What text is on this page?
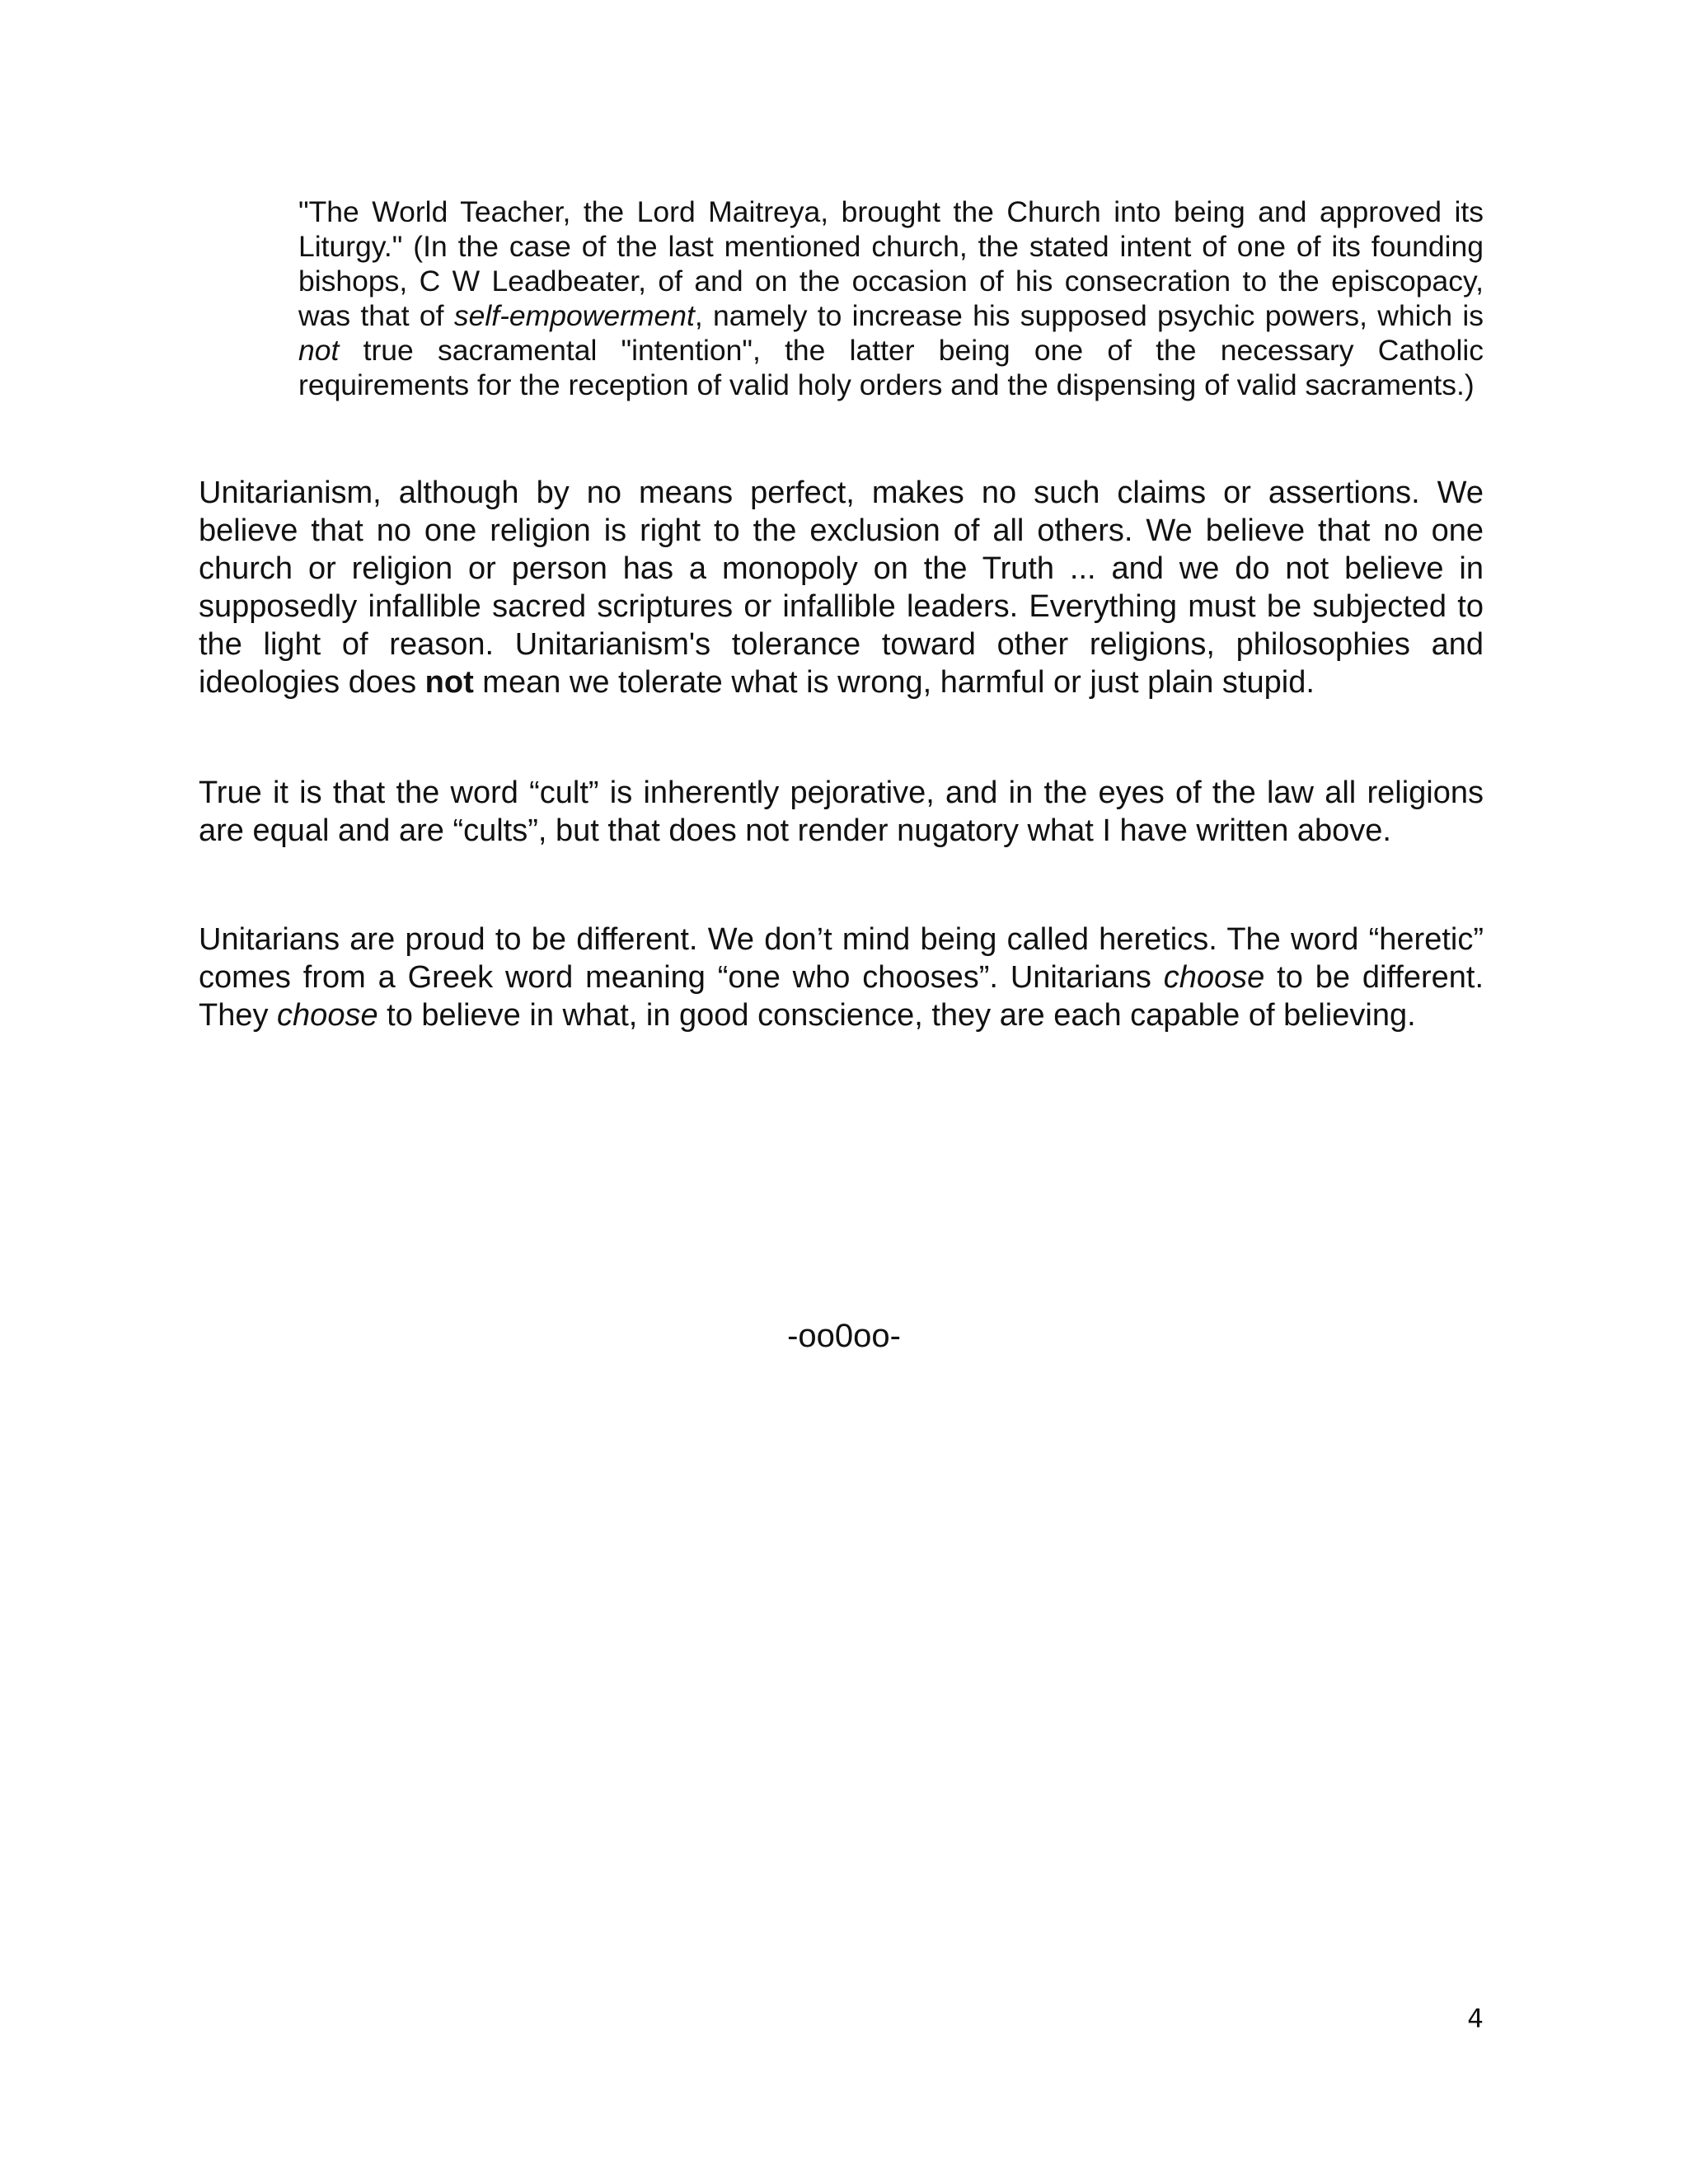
"The World Teacher, the Lord Maitreya, brought the Church into being and approved its Liturgy." (In the case of the last mentioned church, the stated intent of one of its founding bishops, C W Leadbeater, of and on the occasion of his consecration to the episcopacy, was that of self-empowerment, namely to increase his supposed psychic powers, which is not true sacramental "intention", the latter being one of the necessary Catholic requirements for the reception of valid holy orders and the dispensing of valid sacraments.)

Unitarianism, although by no means perfect, makes no such claims or assertions. We believe that no one religion is right to the exclusion of all others. We believe that no one church or religion or person has a monopoly on the Truth ... and we do not believe in supposedly infallible sacred scriptures or infallible leaders. Everything must be subjected to the light of reason. Unitarianism's tolerance toward other religions, philosophies and ideologies does not mean we tolerate what is wrong, harmful or just plain stupid.

True it is that the word “cult” is inherently pejorative, and in the eyes of the law all religions are equal and are “cults”, but that does not render nugatory what I have written above.

Unitarians are proud to be different. We don’t mind being called heretics. The word “heretic” comes from a Greek word meaning “one who chooses”. Unitarians choose to be different. They choose to believe in what, in good conscience, they are each capable of believing.

-oo0oo-

4
